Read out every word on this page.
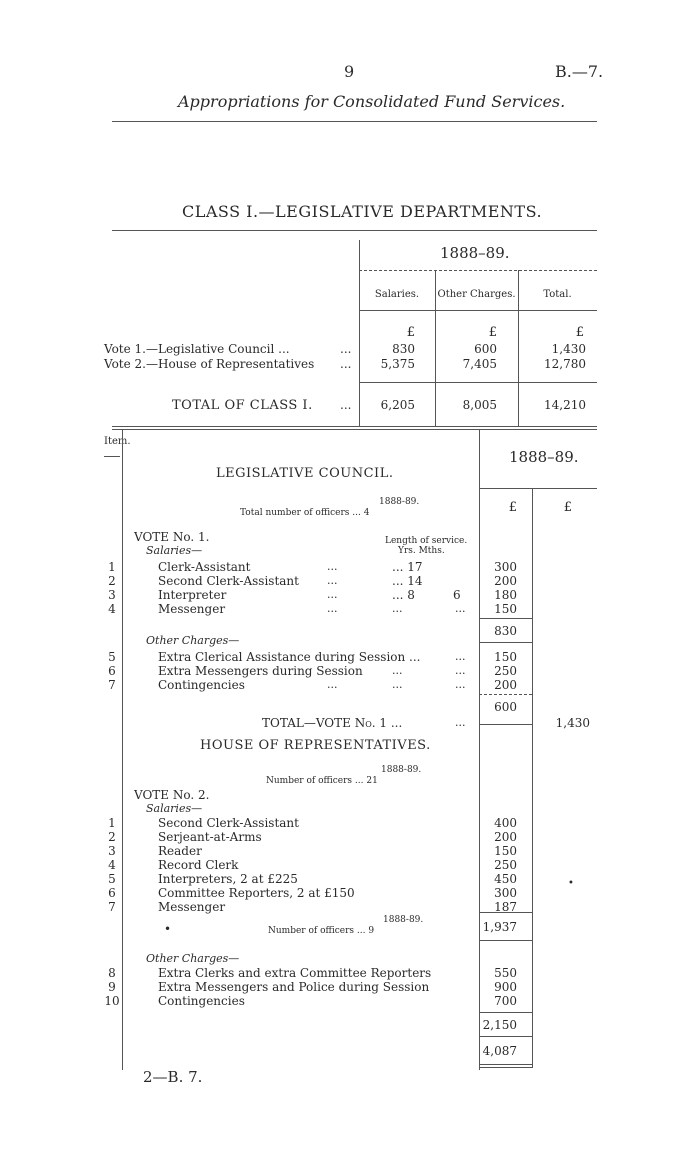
9	B.—7.
Appropriations for Consolidated Fund Services.
CLASS I.—LEGISLATIVE DEPARTMENTS.
1888–89.
Salaries.	Other Charges.	Total.
£	£	£
Vote 1.—Legislative Council ...	...	830	600	1,430
Vote 2.—House of Representatives ...	5,375	7,405	12,780
TOTAL OF CLASS I. ...	6,205	8,005	14,210
Item.
1888–89.
£	£
LEGISLATIVE COUNCIL.
1888-89.
Total number of officers ... 4
VOTE No. 1.	Length of service.
Yrs. Mths.
Salaries—
1	Clerk-Assistant	...	... 17	300
2	Second Clerk-Assistant	...	... 14	200
3	Interpreter	...	... 8	6	180
4	Messenger	...	...	...	150
830
Other Charges—
5	Extra Clerical Assistance during Session ...	...	150
6	Extra Messengers during Session	...	...	250
7	Contingencies	...	...	...	200
600
TOTAL—VOTE No. 1 ...	...	1,430
HOUSE OF REPRESENTATIVES.
1888-89.
Number of officers ... 21
VOTE No. 2.
Salaries—
1	Second Clerk-Assistant	400
2	Serjeant-at-Arms	200
3	Reader	150
4	Record Clerk	250
5	Interpreters, 2 at £225	450
6	Committee Reporters, 2 at £150	300
7	Messenger	187
1,937
•
1888-89.
Number of officers ... 9
Other Charges—
8	Extra Clerks and extra Committee Reporters	550
9	Extra Messengers and Police during Session	900
10	Contingencies	700
2,150
4,087
•
2—B. 7.
